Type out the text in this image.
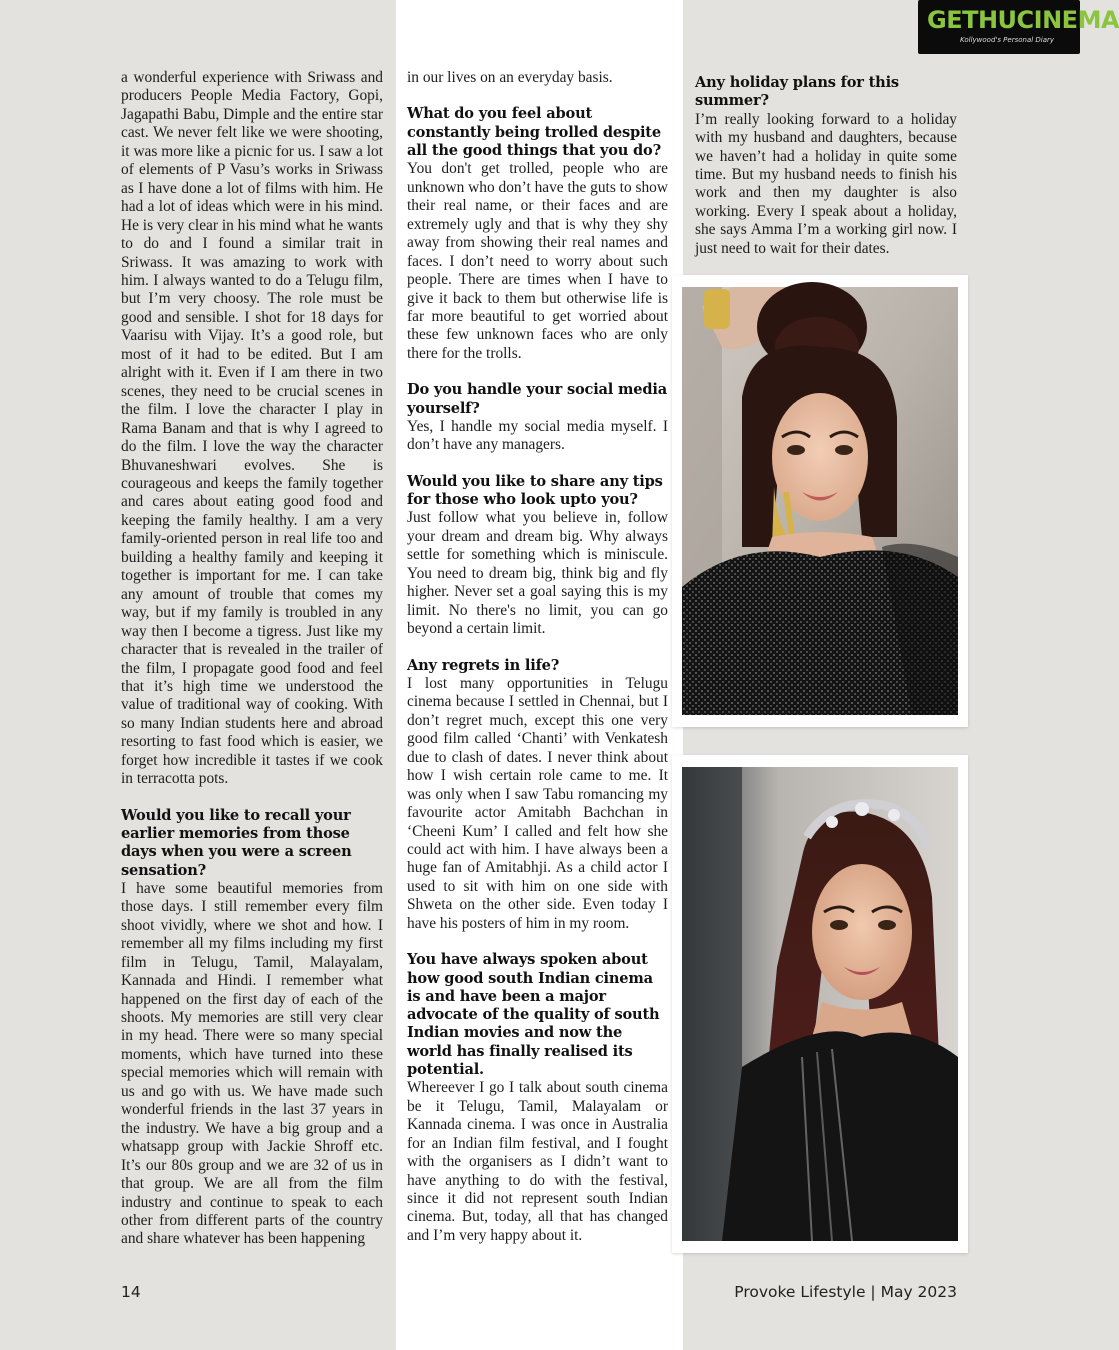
GETHUCINEMA
Kollywood's Personal Diary

a wonderful experience with Sriwass and producers People Media Factory, Gopi, Jagapathi Babu, Dimple and the entire star cast. We never felt like we were shooting, it was more like a picnic for us. I saw a lot of elements of P Vasu’s works in Sriwass as I have done a lot of films with him. He had a lot of ideas which were in his mind. He is very clear in his mind what he wants to do and I found a similar trait in Sriwass. It was amazing to work with him. I always wanted to do a Telugu film, but I’m very choosy. The role must be good and sensible. I shot for 18 days for Vaarisu with Vijay. It’s a good role, but most of it had to be edited. But I am alright with it. Even if I am there in two scenes, they need to be crucial scenes in the film. I love the character I play in Rama Banam and that is why I agreed to do the film. I love the way the character Bhuvaneshwari evolves. She is courageous and keeps the family together and cares about eating good food and keeping the family healthy. I am a very family-oriented person in real life too and building a healthy family and keeping it together is important for me. I can take any amount of trouble that comes my way, but if my family is troubled in any way then I become a tigress. Just like my character that is revealed in the trailer of the film, I propagate good food and feel that it’s high time we understood the value of traditional way of cooking. With so many Indian students here and abroad resorting to fast food which is easier, we forget how incredible it tastes if we cook in terracotta pots.

Would you like to recall your earlier memories from those days when you were a screen sensation?

I have some beautiful memories from those days. I still remember every film shoot vividly, where we shot and how. I remember all my films including my first film in Telugu, Tamil, Malayalam, Kannada and Hindi. I remember what happened on the first day of each of the shoots. My memories are still very clear in my head. There were so many special moments, which have turned into these special memories which will remain with us and go with us. We have made such wonderful friends in the last 37 years in the industry. We have a big group and a whatsapp group with Jackie Shroff etc. It’s our 80s group and we are 32 of us in that group. We are all from the film industry and continue to speak to each other from different parts of the country and share whatever has been happening

in our lives on an everyday basis.

What do you feel about constantly being trolled despite all the good things that you do?

You don't get trolled, people who are unknown who don’t have the guts to show their real name, or their faces and are extremely ugly and that is why they shy away from showing their real names and faces. I don’t need to worry about such people. There are times when I have to give it back to them but otherwise life is far more beautiful to get worried about these few unknown faces who are only there for the trolls.

Do you handle your social media yourself?

Yes, I handle my social media myself. I don’t have any managers.

Would you like to share any tips for those who look upto you?

Just follow what you believe in, follow your dream and dream big. Why always settle for something which is miniscule. You need to dream big, think big and fly higher. Never set a goal saying this is my limit. No there's no limit, you can go beyond a certain limit.

Any regrets in life?

I lost many opportunities in Telugu cinema because I settled in Chennai, but I don’t regret much, except this one very good film called ‘Chanti’ with Venkatesh due to clash of dates. I never think about how I wish certain role came to me. It was only when I saw Tabu romancing my favourite actor Amitabh Bachchan in ‘Cheeni Kum’ I called and felt how she could act with him. I have always been a huge fan of Amitabhji. As a child actor I used to sit with him on one side with Shweta on the other side. Even today I have his posters of him in my room.

You have always spoken about how good south Indian cinema is and have been a major advocate of the quality of south Indian movies and now the world has finally realised its potential.

Whereever I go I talk about south cinema be it Telugu, Tamil, Malayalam or Kannada cinema. I was once in Australia for an Indian film festival, and I fought with the organisers as I didn’t want to have anything to do with the festival, since it did not represent south Indian cinema. But, today, all that has changed and I’m very happy about it.

Any holiday plans for this summer?

I’m really looking forward to a holiday with my husband and daughters, because we haven’t had a holiday in quite some time. But my husband needs to finish his work and then my daughter is also working. Every I speak about a holiday, she says Amma I’m a working girl now. I just need to wait for their dates.

14	Provoke Lifestyle | May 2023
